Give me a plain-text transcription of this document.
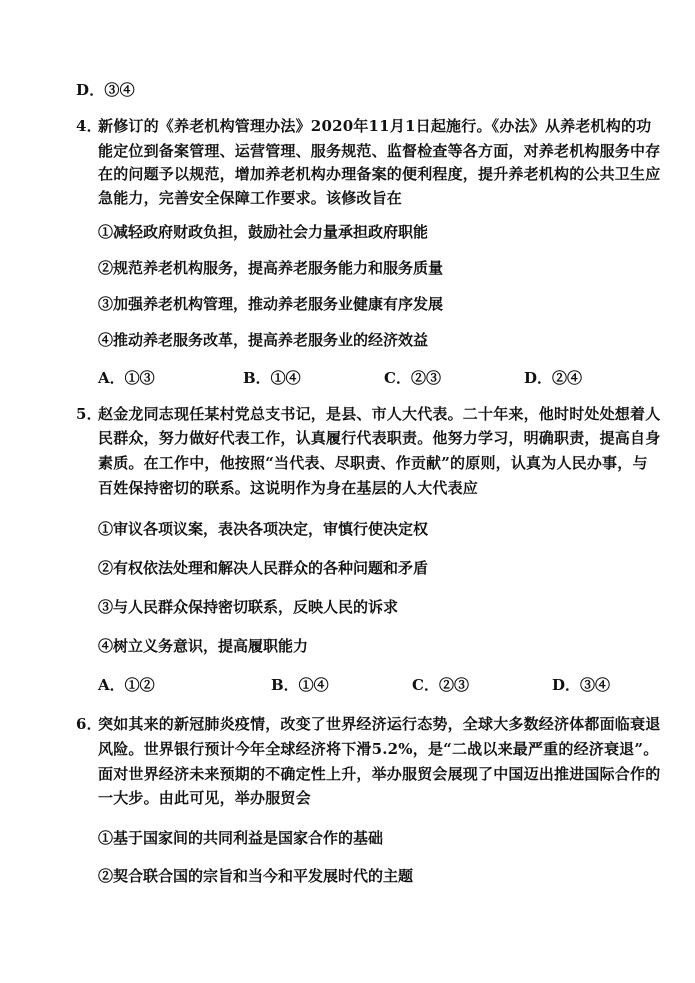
D．③④
4．
新修订的《养老机构管理办法》2020年11月1日起施行。《办法》从养老机构的功
能定位到备案管理、运营管理、服务规范、监督检查等各方面，对养老机构服务中存
在的问题予以规范，增加养老机构办理备案的便利程度，提升养老机构的公共卫生应
急能力，完善安全保障工作要求。该修改旨在
①减轻政府财政负担，鼓励社会力量承担政府职能
②规范养老机构服务，提高养老服务能力和服务质量
③加强养老机构管理，推动养老服务业健康有序发展
④推动养老服务改革，提高养老服务业的经济效益
A．①③	B．①④	C．②③	D．②④
5．
赵金龙同志现任某村党总支书记，是县、市人大代表。二十年来，他时时处处想着人
民群众，努力做好代表工作，认真履行代表职责。他努力学习，明确职责，提高自身
素质。在工作中，他按照“当代表、尽职责、作贡献”的原则，认真为人民办事，与
百姓保持密切的联系。这说明作为身在基层的人大代表应
①审议各项议案，表决各项决定，审慎行使决定权
②有权依法处理和解决人民群众的各种问题和矛盾
③与人民群众保持密切联系，反映人民的诉求
④树立义务意识，提高履职能力
A．①②	B．①④	C．②③	D．③④
6．
突如其来的新冠肺炎疫情，改变了世界经济运行态势，全球大多数经济体都面临衰退
风险。世界银行预计今年全球经济将下滑5.2%，是“二战以来最严重的经济衰退”。
面对世界经济未来预期的不确定性上升，举办服贸会展现了中国迈出推进国际合作的
一大步。由此可见，举办服贸会
①基于国家间的共同利益是国家合作的基础
②契合联合国的宗旨和当今和平发展时代的主题
